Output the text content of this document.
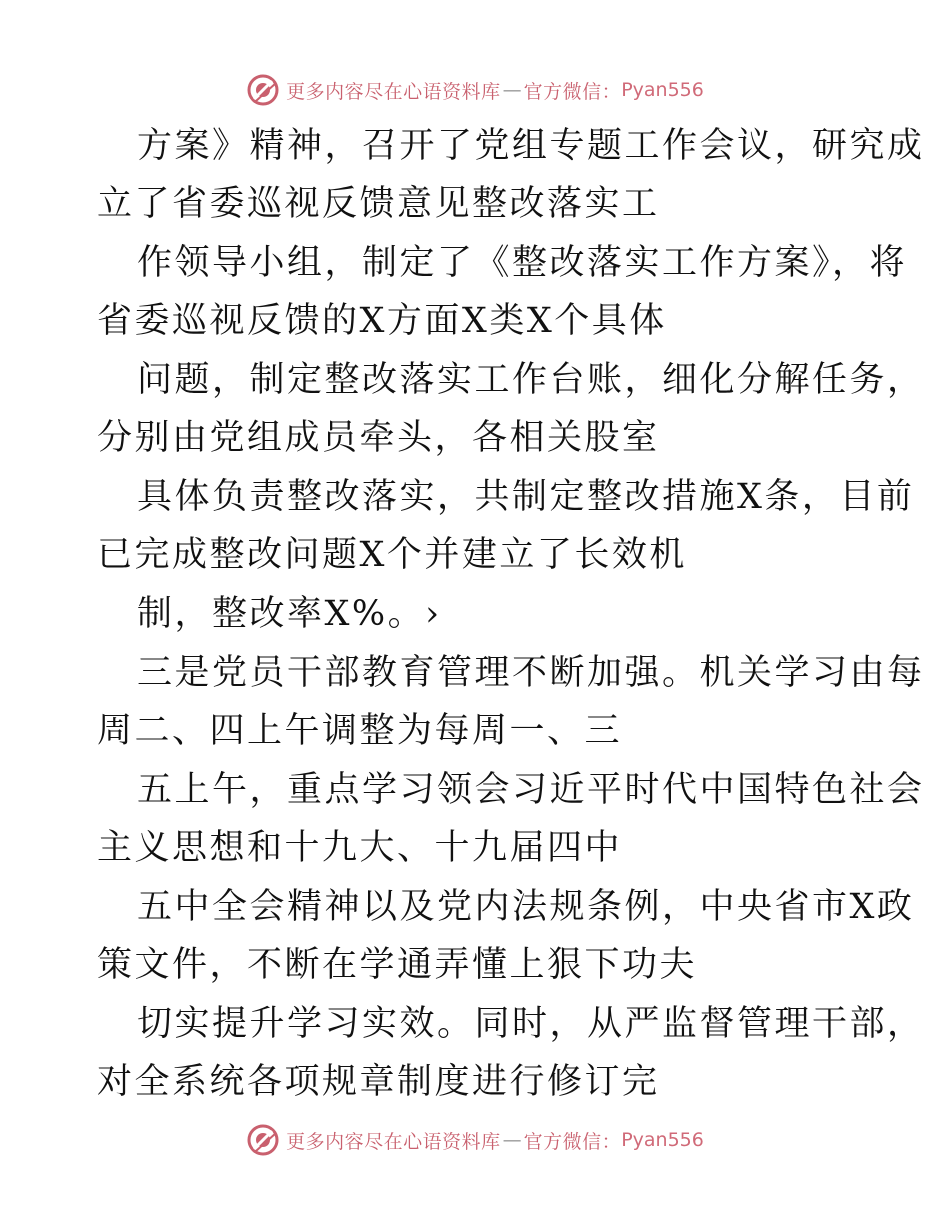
更多内容尽在心语资料库 — 官方微信： Pyan556
方案》精神，召开了党组专题工作会议，研究成
立了省委巡视反馈意见整改落实工
作领导小组，制定了《整改落实工作方案》，将
省委巡视反馈的X方面X类X个具体
问题，制定整改落实工作台账，细化分解任务，
分别由党组成员牵头，各相关股室
具体负责整改落实，共制定整改措施X条，目前
已完成整改问题X个并建立了长效机
制，整改率X%。›
三是党员干部教育管理不断加强。机关学习由每
周二、四上午调整为每周一、三
五上午，重点学习领会习近平时代中国特色社会
主义思想和十九大、十九届四中
五中全会精神以及党内法规条例，中央省市X政
策文件，不断在学通弄懂上狠下功夫
切实提升学习实效。同时，从严监督管理干部，
对全系统各项规章制度进行修订完
更多内容尽在心语资料库 — 官方微信： Pyan556
